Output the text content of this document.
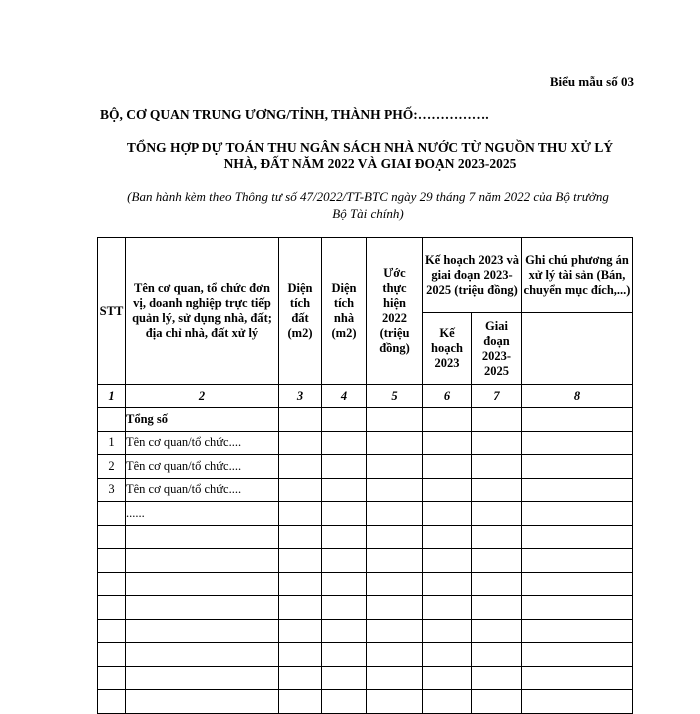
Biểu mẫu số 03
BỘ, CƠ QUAN TRUNG ƯƠNG/TỈNH, THÀNH PHỐ:…………….
TỔNG HỢP DỰ TOÁN THU NGÂN SÁCH NHÀ NƯỚC TỪ NGUỒN THU XỬ LÝ
NHÀ, ĐẤT NĂM 2022 VÀ GIAI ĐOẠN 2023-2025
(Ban hành kèm theo Thông tư số 47/2022/TT-BTC ngày 29 tháng 7 năm 2022 của Bộ trưởng
Bộ Tài chính)
STT	Tên cơ quan, tổ chức đơn vị, doanh nghiệp trực tiếp quản lý, sử dụng nhà, đất; địa chỉ nhà, đất xử lý	Diện tích đất (m2)	Diện tích nhà (m2)	Ước thực hiện 2022 (triệu đồng)	Kế hoạch 2023 và giai đoạn 2023-2025 (triệu đồng)		Ghi chú phương án xử lý tài sản (Bán, chuyển mục đích,...)
					Kế hoạch 2023	Giai đoạn 2023-2025	
1	2	3	4	5	6	7	8
	Tổng số						
1	Tên cơ quan/tổ chức....						
2	Tên cơ quan/tổ chức....						
3	Tên cơ quan/tổ chức....						
	......						
